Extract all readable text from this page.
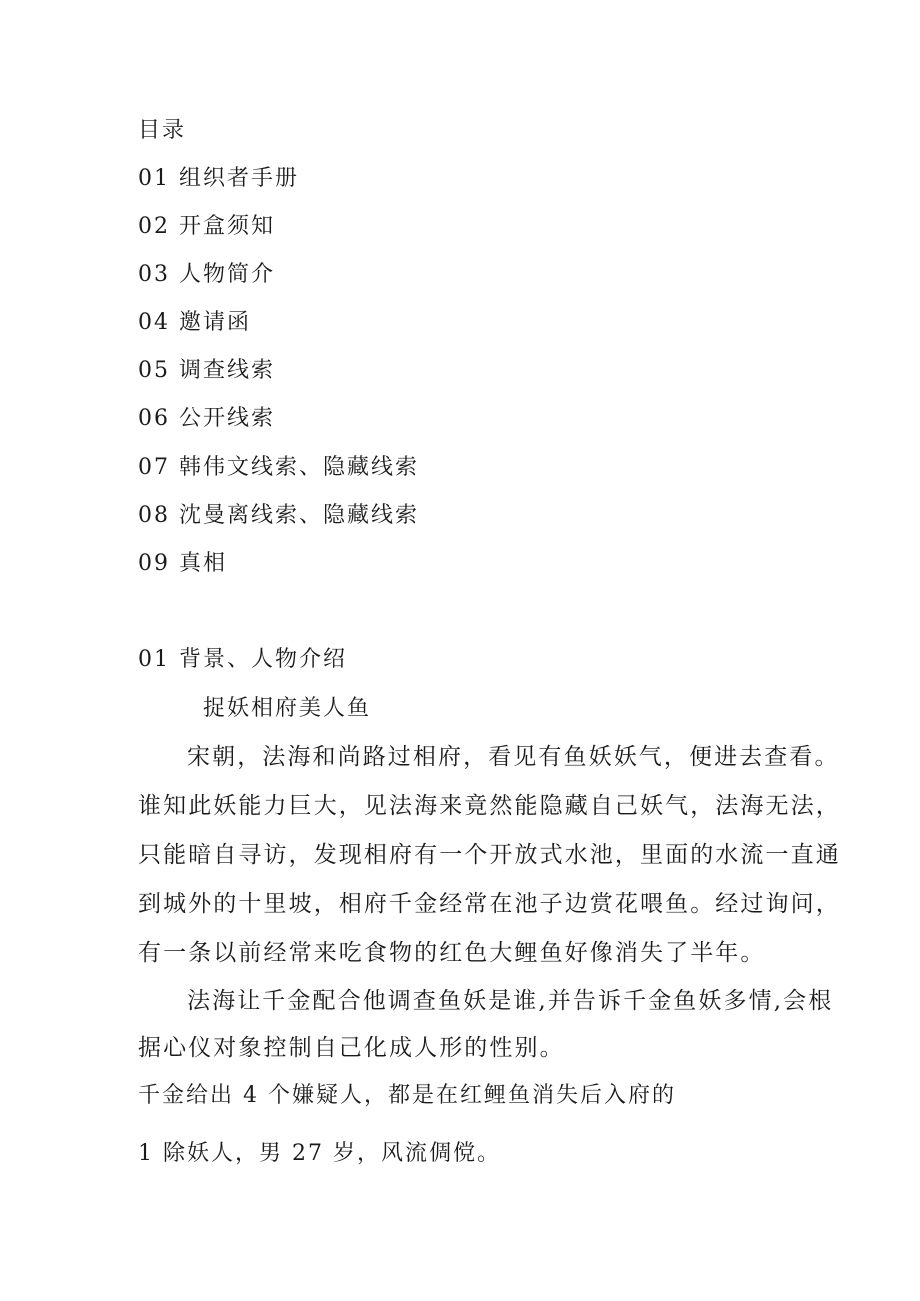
目录
01 组织者手册
02 开盒须知
03 人物简介
04 邀请函
05 调查线索
06 公开线索
07 韩伟文线索、隐藏线索
08 沈曼离线索、隐藏线索
09 真相
01 背景、人物介绍
捉妖相府美人鱼
宋朝，法海和尚路过相府，看见有鱼妖妖气，便进去查看。
谁知此妖能力巨大，见法海来竟然能隐藏自己妖气，法海无法，
只能暗自寻访，发现相府有一个开放式水池，里面的水流一直通
到城外的十里坡，相府千金经常在池子边赏花喂鱼。经过询问，
有一条以前经常来吃食物的红色大鲤鱼好像消失了半年。
法海让千金配合他调查鱼妖是谁,并告诉千金鱼妖多情,会根
据心仪对象控制自己化成人形的性别。
千金给出 4 个嫌疑人，都是在红鲤鱼消失后入府的
1 除妖人，男 27 岁，风流倜傥。
